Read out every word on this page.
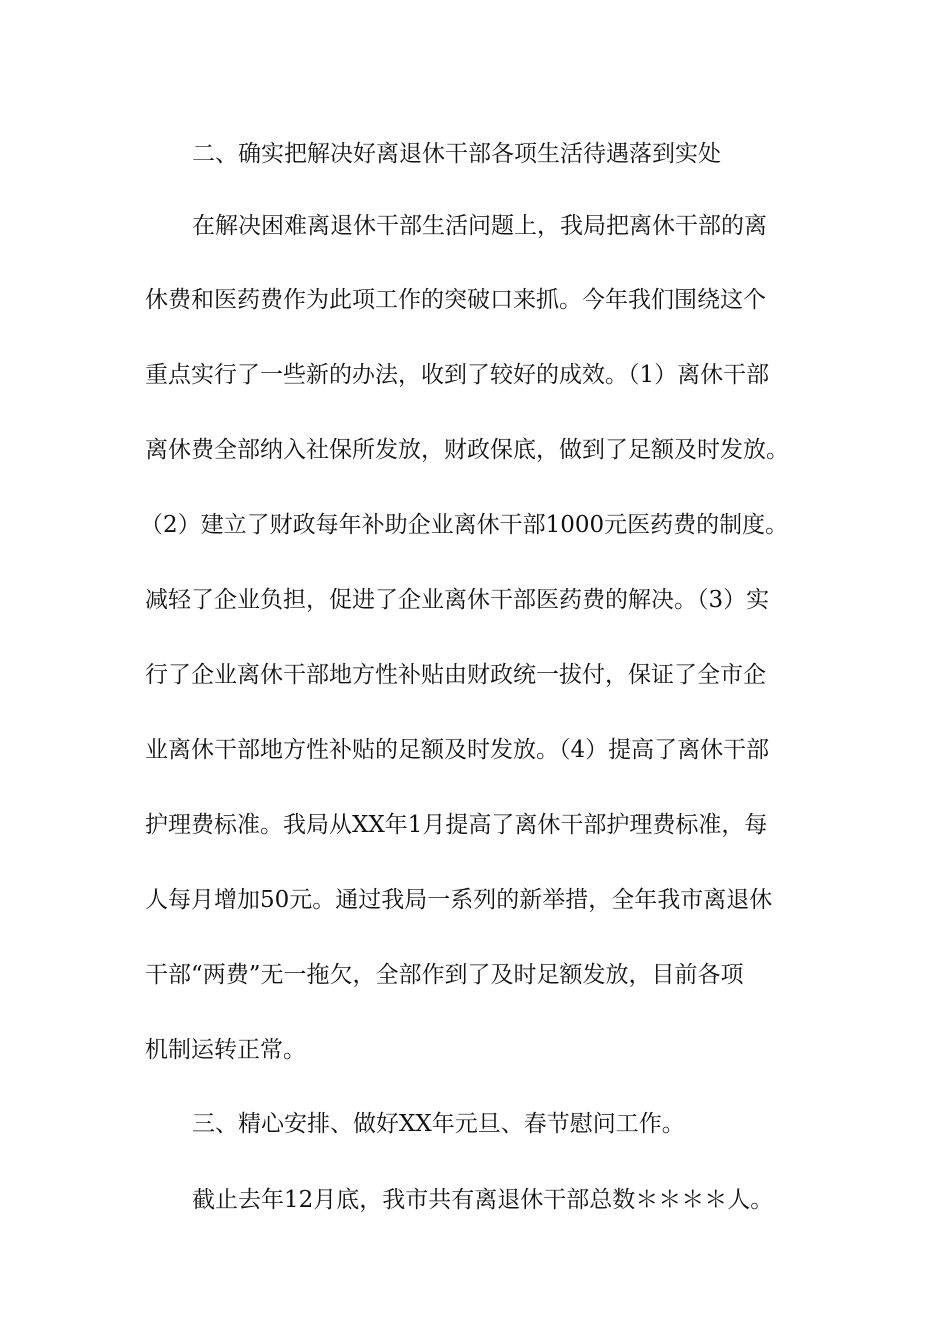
二、确实把解决好离退休干部各项生活待遇落到实处
在解决困难离退休干部生活问题上，我局把离休干部的离
休费和医药费作为此项工作的突破口来抓。今年我们围绕这个
重点实行了一些新的办法，收到了较好的成效。（1）离休干部
离休费全部纳入社保所发放，财政保底，做到了足额及时发放。
（2）建立了财政每年补助企业离休干部1000元医药费的制度。
减轻了企业负担，促进了企业离休干部医药费的解决。（3）实
行了企业离休干部地方性补贴由财政统一拔付，保证了全市企
业离休干部地方性补贴的足额及时发放。（4）提高了离休干部
护理费标准。我局从XX年1月提高了离休干部护理费标准，每
人每月增加50元。通过我局一系列的新举措，全年我市离退休
干部“两费”无一拖欠，全部作到了及时足额发放，目前各项
机制运转正常。
三、精心安排、做好XX年元旦、春节慰问工作。
截止去年12月底，我市共有离退休干部总数＊＊＊＊人。
